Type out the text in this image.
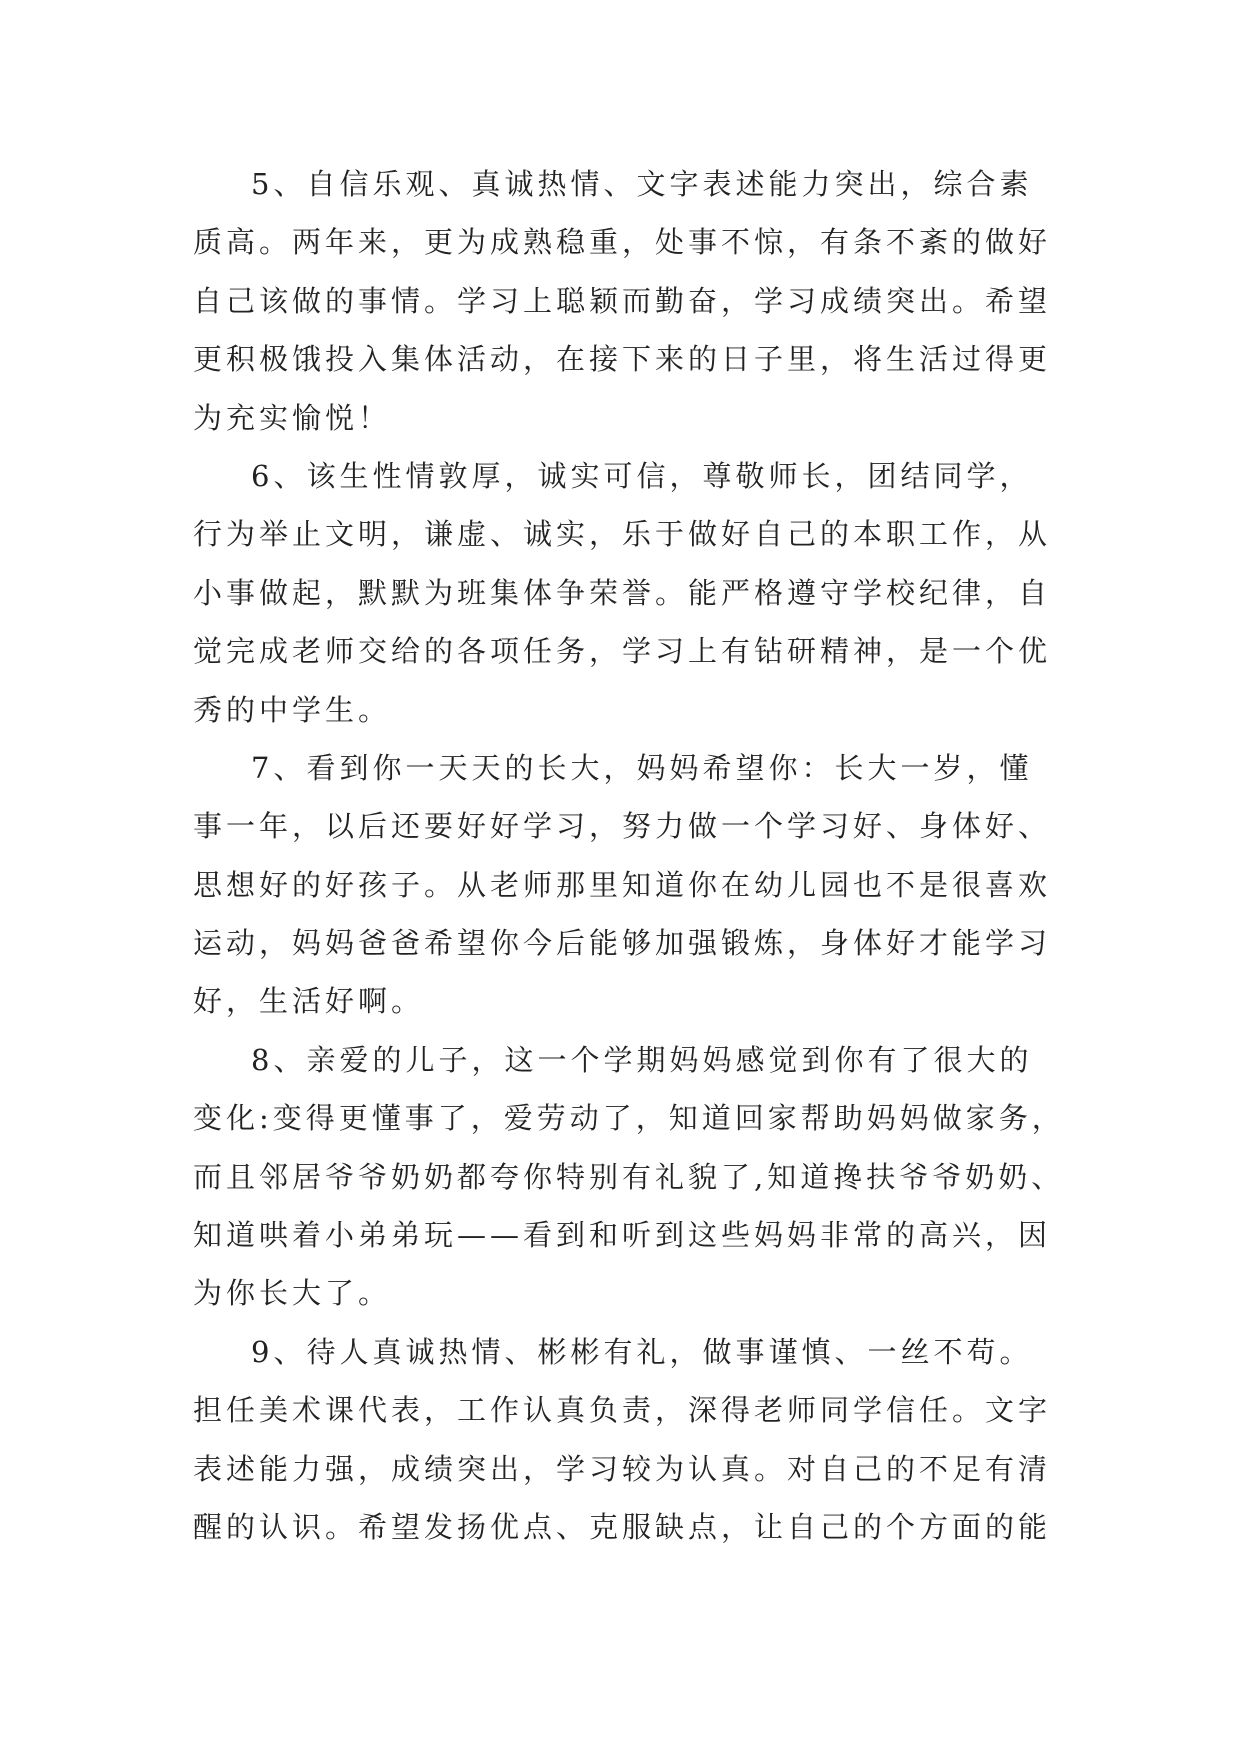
5、自信乐观、真诚热情、文字表述能力突出，综合素
质高。两年来，更为成熟稳重，处事不惊，有条不紊的做好
自己该做的事情。学习上聪颖而勤奋，学习成绩突出。希望
更积极饿投入集体活动，在接下来的日子里，将生活过得更
为充实愉悦！
6、该生性情敦厚，诚实可信，尊敬师长，团结同学，
行为举止文明，谦虚、诚实，乐于做好自己的本职工作，从
小事做起，默默为班集体争荣誉。能严格遵守学校纪律，自
觉完成老师交给的各项任务，学习上有钻研精神，是一个优
秀的中学生。
7、看到你一天天的长大，妈妈希望你：长大一岁，懂
事一年，以后还要好好学习，努力做一个学习好、身体好、
思想好的好孩子。从老师那里知道你在幼儿园也不是很喜欢
运动，妈妈爸爸希望你今后能够加强锻炼，身体好才能学习
好，生活好啊。
8、亲爱的儿子，这一个学期妈妈感觉到你有了很大的
变化:变得更懂事了，爱劳动了，知道回家帮助妈妈做家务，
而且邻居爷爷奶奶都夸你特别有礼貌了,知道搀扶爷爷奶奶、
知道哄着小弟弟玩——看到和听到这些妈妈非常的高兴，因
为你长大了。
9、待人真诚热情、彬彬有礼，做事谨慎、一丝不苟。
担任美术课代表，工作认真负责，深得老师同学信任。文字
表述能力强，成绩突出，学习较为认真。对自己的不足有清
醒的认识。希望发扬优点、克服缺点，让自己的个方面的能
